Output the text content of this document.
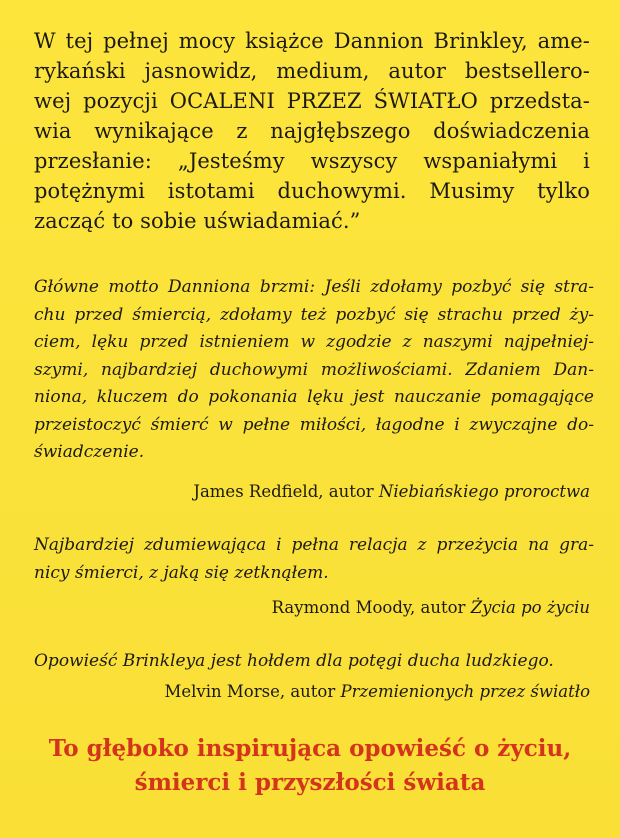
W tej pełnej mocy książce Dannion Brinkley, ame-
rykański jasnowidz, medium, autor bestsellero-
wej pozycji OCALENI PRZEZ ŚWIATŁO przedsta-
wia wynikające z najgłębszego doświadczenia
przesłanie: „Jesteśmy wszyscy wspaniałymi i
potężnymi istotami duchowymi. Musimy tylko
zacząć to sobie uświadamiać.”
Główne motto Danniona brzmi: Jeśli zdołamy pozbyć się stra-
chu przed śmiercią, zdołamy też pozbyć się strachu przed ży-
ciem, lęku przed istnieniem w zgodzie z naszymi najpełniej-
szymi, najbardziej duchowymi możliwościami. Zdaniem Dan-
niona, kluczem do pokonania lęku jest nauczanie pomagające
przeistoczyć śmierć w pełne miłości, łagodne i zwyczajne do-
świadczenie.
James Redfield, autor Niebiańskiego proroctwa
Najbardziej zdumiewająca i pełna relacja z przeżycia na gra-
nicy śmierci, z jaką się zetknąłem.
Raymond Moody, autor Życia po życiu
Opowieść Brinkleya jest hołdem dla potęgi ducha ludzkiego.
Melvin Morse, autor Przemienionych przez światło
To głęboko inspirująca opowieść o życiu,
śmierci i przyszłości świata
